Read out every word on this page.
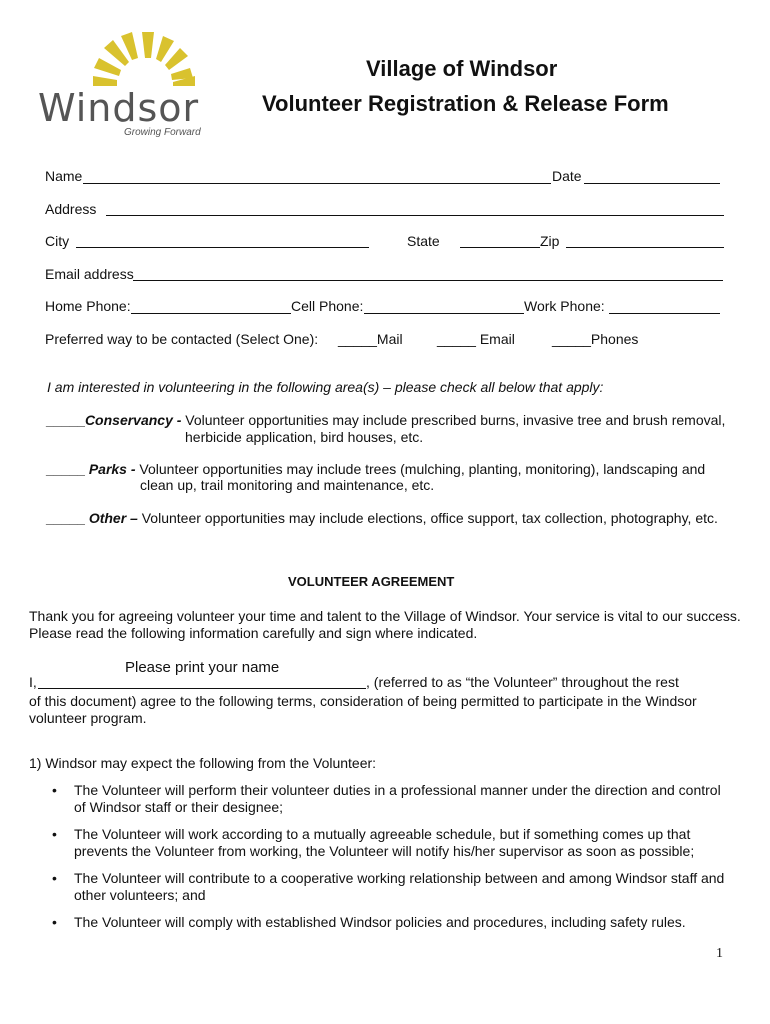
Windsor
Growing Forward
Village of Windsor
Volunteer Registration & Release Form
Name	Date
Address
City	State	Zip
Email address
Home Phone:	Cell Phone:	Work Phone:
Preferred way to be contacted (Select One): _____Mail _____ Email	_____Phones
I am interested in volunteering in the following area(s) – please check all below that apply:
_____Conservancy - Volunteer opportunities may include prescribed burns, invasive tree and brush removal,
herbicide application, bird houses, etc.
_____ Parks - Volunteer opportunities may include trees (mulching, planting, monitoring), landscaping and
clean up, trail monitoring and maintenance, etc.
_____ Other – Volunteer opportunities may include elections, office support, tax collection, photography, etc.
VOLUNTEER AGREEMENT
Thank you for agreeing volunteer your time and talent to the Village of Windsor. Your service is vital to our success.
Please read the following information carefully and sign where indicated.
Please print your name
I,	, (referred to as “the Volunteer” throughout the rest
of this document) agree to the following terms, consideration of being permitted to participate in the Windsor
volunteer program.
1) Windsor may expect the following from the Volunteer:
• The Volunteer will perform their volunteer duties in a professional manner under the direction and control
of Windsor staff or their designee;
• The Volunteer will work according to a mutually agreeable schedule, but if something comes up that
prevents the Volunteer from working, the Volunteer will notify his/her supervisor as soon as possible;
• The Volunteer will contribute to a cooperative working relationship between and among Windsor staff and
other volunteers; and
• The Volunteer will comply with established Windsor policies and procedures, including safety rules.
1
